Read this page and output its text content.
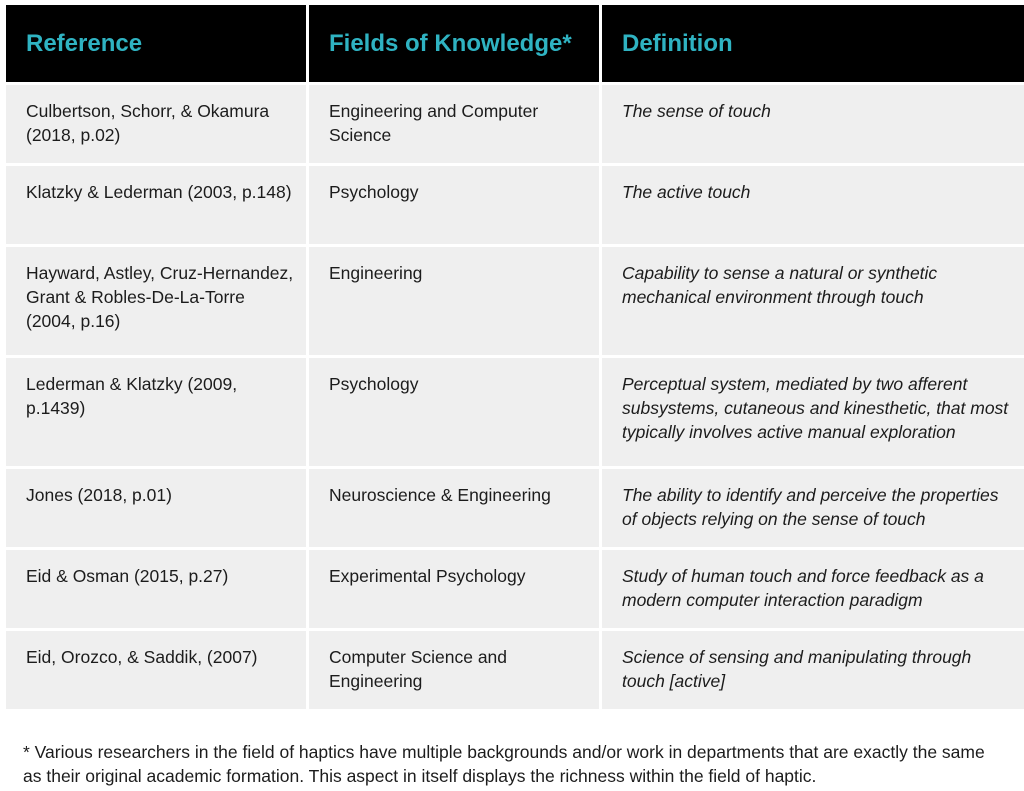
Reference	Fields of Knowledge*	Definition
Culbertson, Schorr, & Okamura (2018, p.02)	Engineering and Computer Science	The sense of touch
Klatzky & Lederman (2003, p.148)	Psychology	The active touch
Hayward, Astley, Cruz-Hernandez, Grant & Robles-De-La-Torre (2004, p.16)	Engineering	Capability to sense a natural or synthetic mechanical environment through touch
Lederman & Klatzky (2009, p.1439)	Psychology	Perceptual system, mediated by two afferent subsystems, cutaneous and kinesthetic, that most typically involves active manual exploration
Jones (2018, p.01)	Neuroscience & Engineering	The ability to identify and perceive the properties of objects relying on the sense of touch
Eid & Osman (2015, p.27)	Experimental Psychology	Study of human touch and force feedback as a modern computer interaction paradigm
Eid, Orozco, & Saddik, (2007)	Computer Science and Engineering	Science of sensing and manipulating through touch [active]

* Various researchers in the field of haptics have multiple backgrounds and/or work in departments that are exactly the same as their original academic formation. This aspect in itself displays the richness within the field of haptic.
